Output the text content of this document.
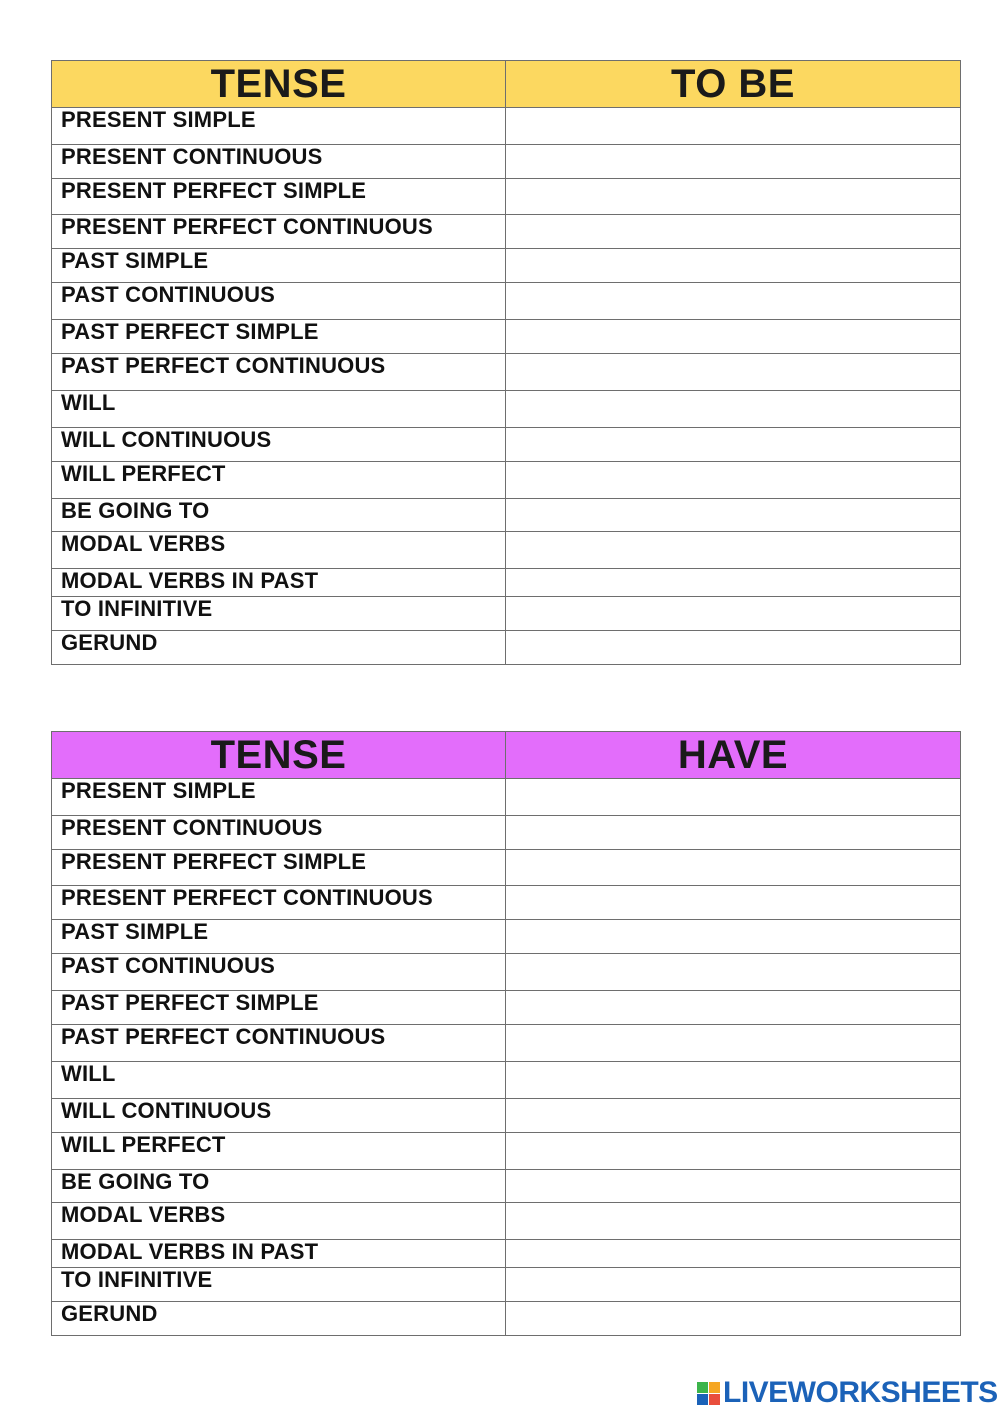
TENSE	TO BE
PRESENT SIMPLE	
PRESENT CONTINUOUS	
PRESENT PERFECT SIMPLE	
PRESENT PERFECT CONTINUOUS	
PAST SIMPLE	
PAST CONTINUOUS	
PAST PERFECT SIMPLE	
PAST PERFECT CONTINUOUS	
WILL	
WILL CONTINUOUS	
WILL PERFECT	
BE GOING TO	
MODAL VERBS	
MODAL VERBS IN PAST	
TO INFINITIVE	
GERUND	
TENSE	HAVE
PRESENT SIMPLE	
PRESENT CONTINUOUS	
PRESENT PERFECT SIMPLE	
PRESENT PERFECT CONTINUOUS	
PAST SIMPLE	
PAST CONTINUOUS	
PAST PERFECT SIMPLE	
PAST PERFECT CONTINUOUS	
WILL	
WILL CONTINUOUS	
WILL PERFECT	
BE GOING TO	
MODAL VERBS	
MODAL VERBS IN PAST	
TO INFINITIVE	
GERUND	
LIVEWORKSHEETS
